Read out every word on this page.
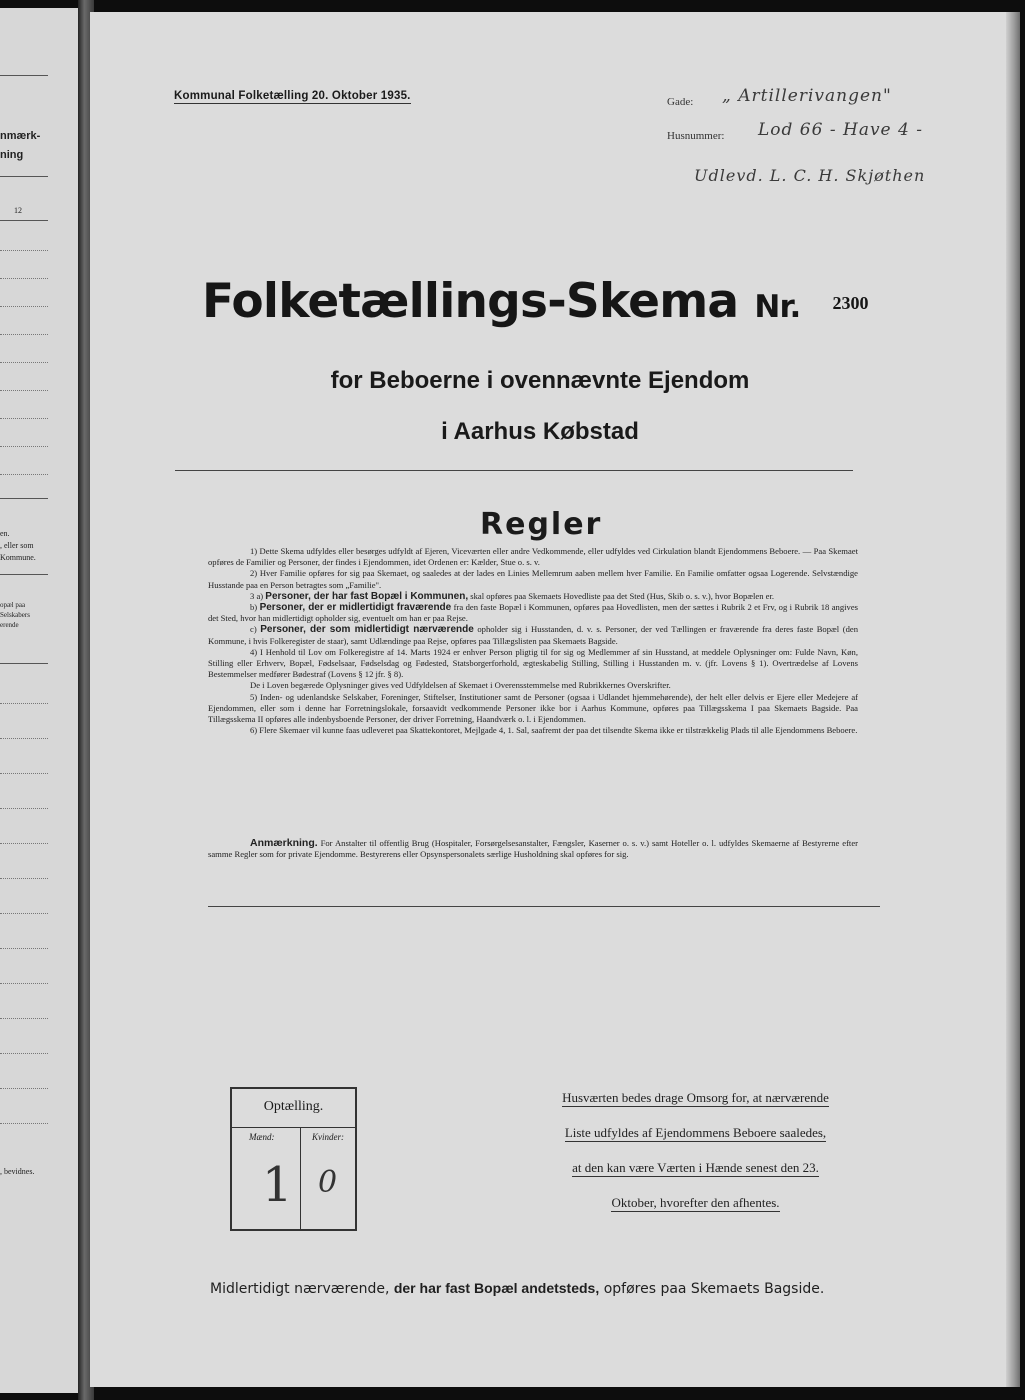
nmærk-
ning
12
en.
, eller som
Kommune.
opæl paa
Selskabers
erende
, bevidnes.
Kommunal Folketælling 20. Oktober 1935.	Gade: „ Artillerivangen"
Husnummer: Lod 66 - Have 4 -
Udlevd. L. C. H. Skjøthen
Folketællings-Skema Nr. 2300
for Beboerne i ovennævnte Ejendom
i Aarhus Købstad
Regler

1) Dette Skema udfyldes eller besørges udfyldt af Ejeren, Viceværten eller andre Vedkommende, eller udfyldes ved Cirkulation blandt Ejendommens Beboere. — Paa Skemaet opføres de Familier og Personer, der findes i Ejendommen, idet Ordenen er: Kælder, Stue o. s. v.

2) Hver Familie opføres for sig paa Skemaet, og saaledes at der lades en Linies Mellemrum aaben mellem hver Familie. En Familie omfatter ogsaa Logerende. Selvstændige Husstande paa en Person betragtes som „Familie".

3 a) Personer, der har fast Bopæl i Kommunen, skal opføres paa Skemaets Hovedliste paa det Sted (Hus, Skib o. s. v.), hvor Bopælen er.

b) Personer, der er midlertidigt fraværende fra den faste Bopæl i Kommunen, opføres paa Hovedlisten, men der sættes i Rubrik 2 et Frv, og i Rubrik 18 angives det Sted, hvor han midlertidigt opholder sig, eventuelt om han er paa Rejse.

c) Personer, der som midlertidigt nærværende opholder sig i Husstanden, d. v. s. Personer, der ved Tællingen er fraværende fra deres faste Bopæl (den Kommune, i hvis Folkeregister de staar), samt Udlændinge paa Rejse, opføres paa Tillægslisten paa Skemaets Bagside.

4) I Henhold til Lov om Folkeregistre af 14. Marts 1924 er enhver Person pligtig til for sig og Medlemmer af sin Husstand, at meddele Oplysninger om: Fulde Navn, Køn, Stilling eller Erhverv, Bopæl, Fødselsaar, Fødselsdag og Fødested, Statsborgerforhold, ægteskabelig Stilling, Stilling i Husstanden m. v. (jfr. Lovens § 1). Overtrædelse af Lovens Bestemmelser medfører Bødestraf (Lovens § 12 jfr. § 8).

De i Loven begærede Oplysninger gives ved Udfyldelsen af Skemaet i Overensstemmelse med Rubrikkernes Overskrifter.

5) Inden- og udenlandske Selskaber, Foreninger, Stiftelser, Institutioner samt de Personer (ogsaa i Udlandet hjemmehørende), der helt eller delvis er Ejere eller Medejere af Ejendommen, eller som i denne har Forretningslokale, forsaavidt vedkommende Personer ikke bor i Aarhus Kommune, opføres paa Tillægsskema I paa Skemaets Bagside. Paa Tillægsskema II opføres alle indenbysboende Personer, der driver Forretning, Haandværk o. l. i Ejendommen.

6) Flere Skemaer vil kunne faas udleveret paa Skattekontoret, Mejlgade 4, 1. Sal, saafremt der paa det tilsendte Skema ikke er tilstrækkelig Plads til alle Ejendommens Beboere.

Anmærkning. For Anstalter til offentlig Brug (Hospitaler, Forsørgelsesanstalter, Fængsler, Kaserner o. s. v.) samt Hoteller o. l. udfyldes Skemaerne af Bestyrerne efter samme Regler som for private Ejendomme. Bestyrerens eller Opsynspersonalets særlige Husholdning skal opføres for sig.

Optælling.
Mænd:	Kvinder:
1 0
Husværten bedes drage Omsorg for, at nærværende
Liste udfyldes af Ejendommens Beboere saaledes,
at den kan være Værten i Hænde senest den 23.
Oktober, hvorefter den afhentes.
Midlertidigt nærværende, der har fast Bopæl andetsteds, opføres paa Skemaets Bagside.
